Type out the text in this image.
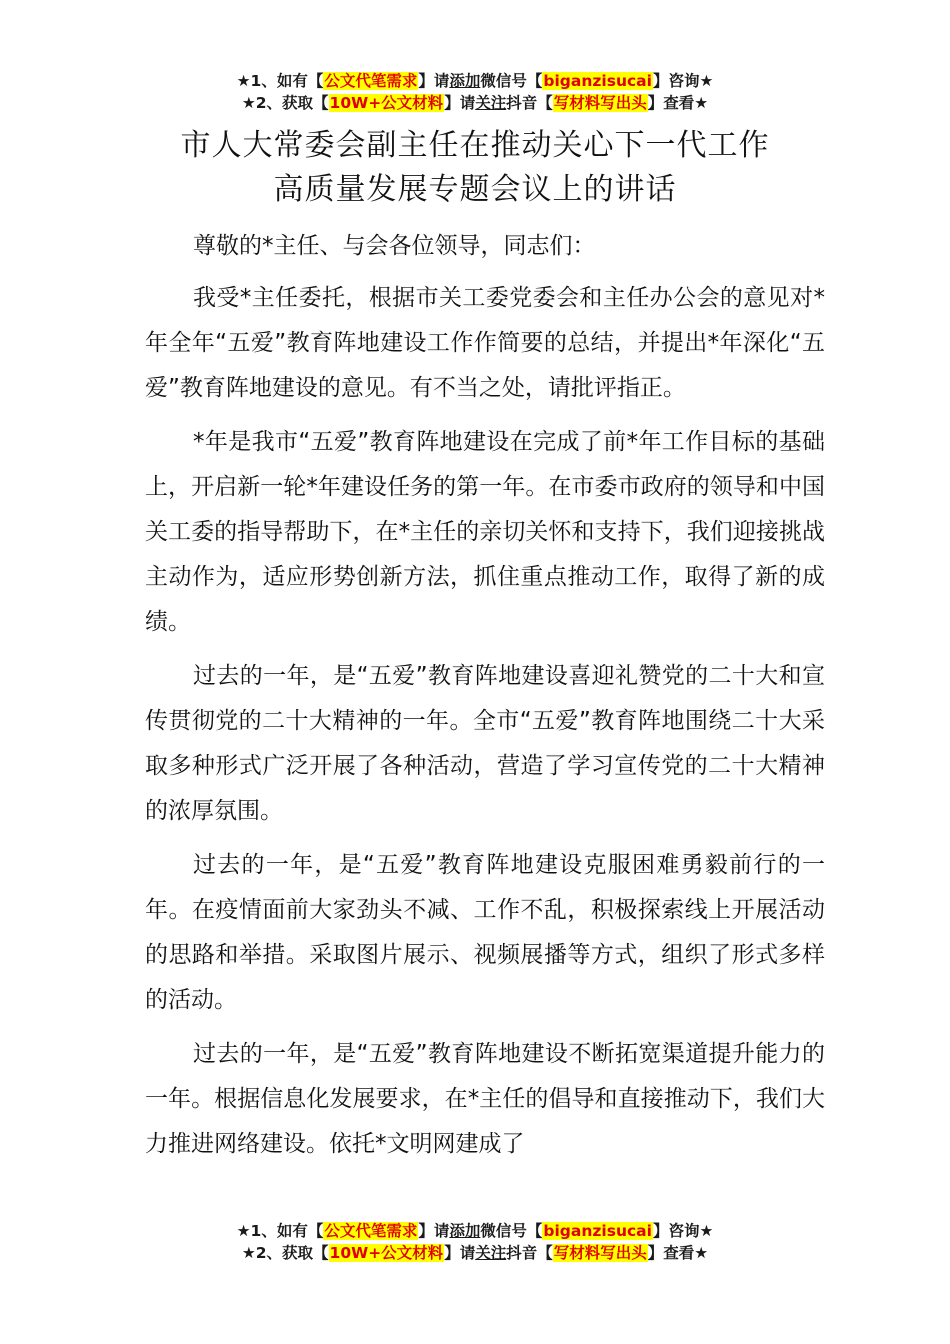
★1、如有【公文代笔需求】请添加微信号【biganzisucai】咨询★
★2、获取【10W+公文材料】请关注抖音【写材料写出头】查看★
市人大常委会副主任在推动关心下一代工作
高质量发展专题会议上的讲话

尊敬的*主任、与会各位领导，同志们：

我受*主任委托，根据市关工委党委会和主任办公会的意见对*年全年“五爱”教育阵地建设工作作简要的总结，并提出*年深化“五爱”教育阵地建设的意见。有不当之处，请批评指正。

*年是我市“五爱”教育阵地建设在完成了前*年工作目标的基础上，开启新一轮*年建设任务的第一年。在市委市政府的领导和中国关工委的指导帮助下，在*主任的亲切关怀和支持下，我们迎接挑战主动作为，适应形势创新方法，抓住重点推动工作，取得了新的成绩。

过去的一年，是“五爱”教育阵地建设喜迎礼赞党的二十大和宣传贯彻党的二十大精神的一年。全市“五爱”教育阵地围绕二十大采取多种形式广泛开展了各种活动，营造了学习宣传党的二十大精神的浓厚氛围。

过去的一年，是“五爱”教育阵地建设克服困难勇毅前行的一年。在疫情面前大家劲头不减、工作不乱，积极探索线上开展活动的思路和举措。采取图片展示、视频展播等方式，组织了形式多样的活动。

过去的一年，是“五爱”教育阵地建设不断拓宽渠道提升能力的一年。根据信息化发展要求，在*主任的倡导和直接推动下，我们大力推进网络建设。依托*文明网建成了

★1、如有【公文代笔需求】请添加微信号【biganzisucai】咨询★
★2、获取【10W+公文材料】请关注抖音【写材料写出头】查看★
